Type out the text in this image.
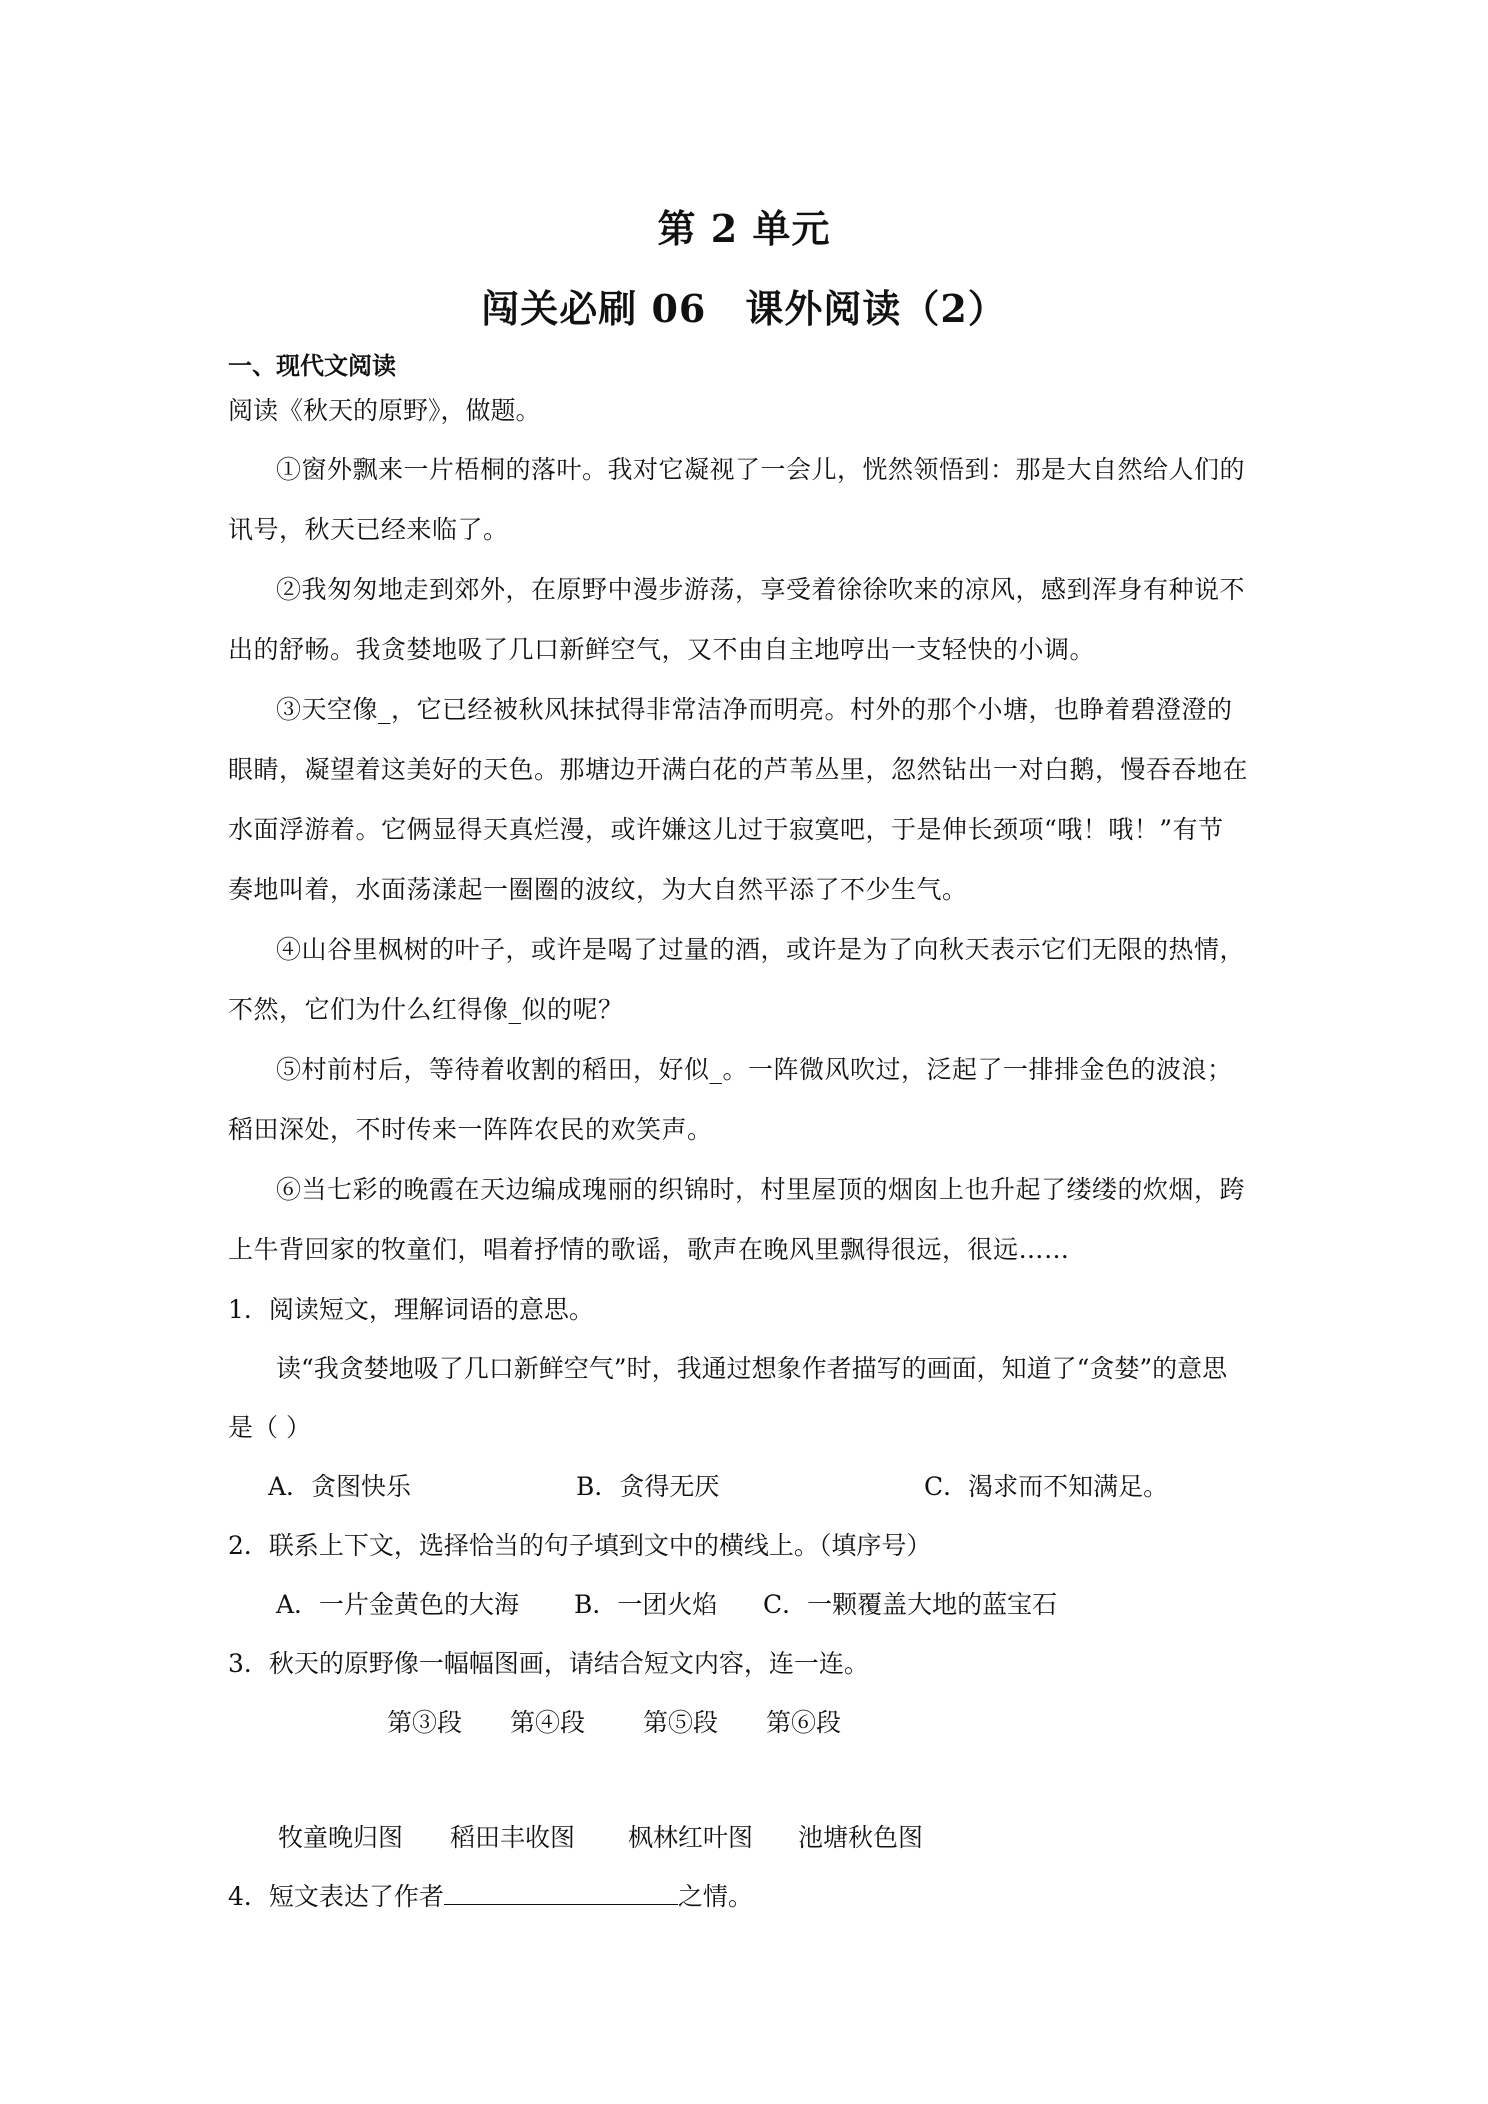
第 2 单元
闯关必刷 06　课外阅读（2）
一、现代文阅读
阅读《秋天的原野》，做题。
①窗外飘来一片梧桐的落叶。我对它凝视了一会儿，恍然领悟到：那是大自然给人们的
讯号，秋天已经来临了。
②我匆匆地走到郊外，在原野中漫步游荡，享受着徐徐吹来的凉风，感到浑身有种说不
出的舒畅。我贪婪地吸了几口新鲜空气，又不由自主地哼出一支轻快的小调。
③天空像_，它已经被秋风抹拭得非常洁净而明亮。村外的那个小塘，也睁着碧澄澄的
眼睛，凝望着这美好的天色。那塘边开满白花的芦苇丛里，忽然钻出一对白鹅，慢吞吞地在
水面浮游着。它俩显得天真烂漫，或许嫌这儿过于寂寞吧，于是伸长颈项“哦！哦！”有节
奏地叫着，水面荡漾起一圈圈的波纹，为大自然平添了不少生气。
④山谷里枫树的叶子，或许是喝了过量的酒，或许是为了向秋天表示它们无限的热情，
不然，它们为什么红得像_似的呢？
⑤村前村后，等待着收割的稻田，好似_。一阵微风吹过，泛起了一排排金色的波浪；
稻田深处，不时传来一阵阵农民的欢笑声。
⑥当七彩的晚霞在天边编成瑰丽的织锦时，村里屋顶的烟囱上也升起了缕缕的炊烟，跨
上牛背回家的牧童们，唱着抒情的歌谣，歌声在晚风里飘得很远，很远……
1．阅读短文，理解词语的意思。
读“我贪婪地吸了几口新鲜空气”时，我通过想象作者描写的画面，知道了“贪婪”的意思
是（ ）
A．贪图快乐	B．贪得无厌	C．渴求而不知满足。
2．联系上下文，选择恰当的句子填到文中的横线上。（填序号）
A．一片金黄色的大海 B．一团火焰 C．一颗覆盖大地的蓝宝石
3．秋天的原野像一幅幅图画，请结合短文内容，连一连。
第③段 第④段 第⑤段 第⑥段
牧童晚归图 稻田丰收图 枫林红叶图 池塘秋色图
4．短文表达了作者	之情。
